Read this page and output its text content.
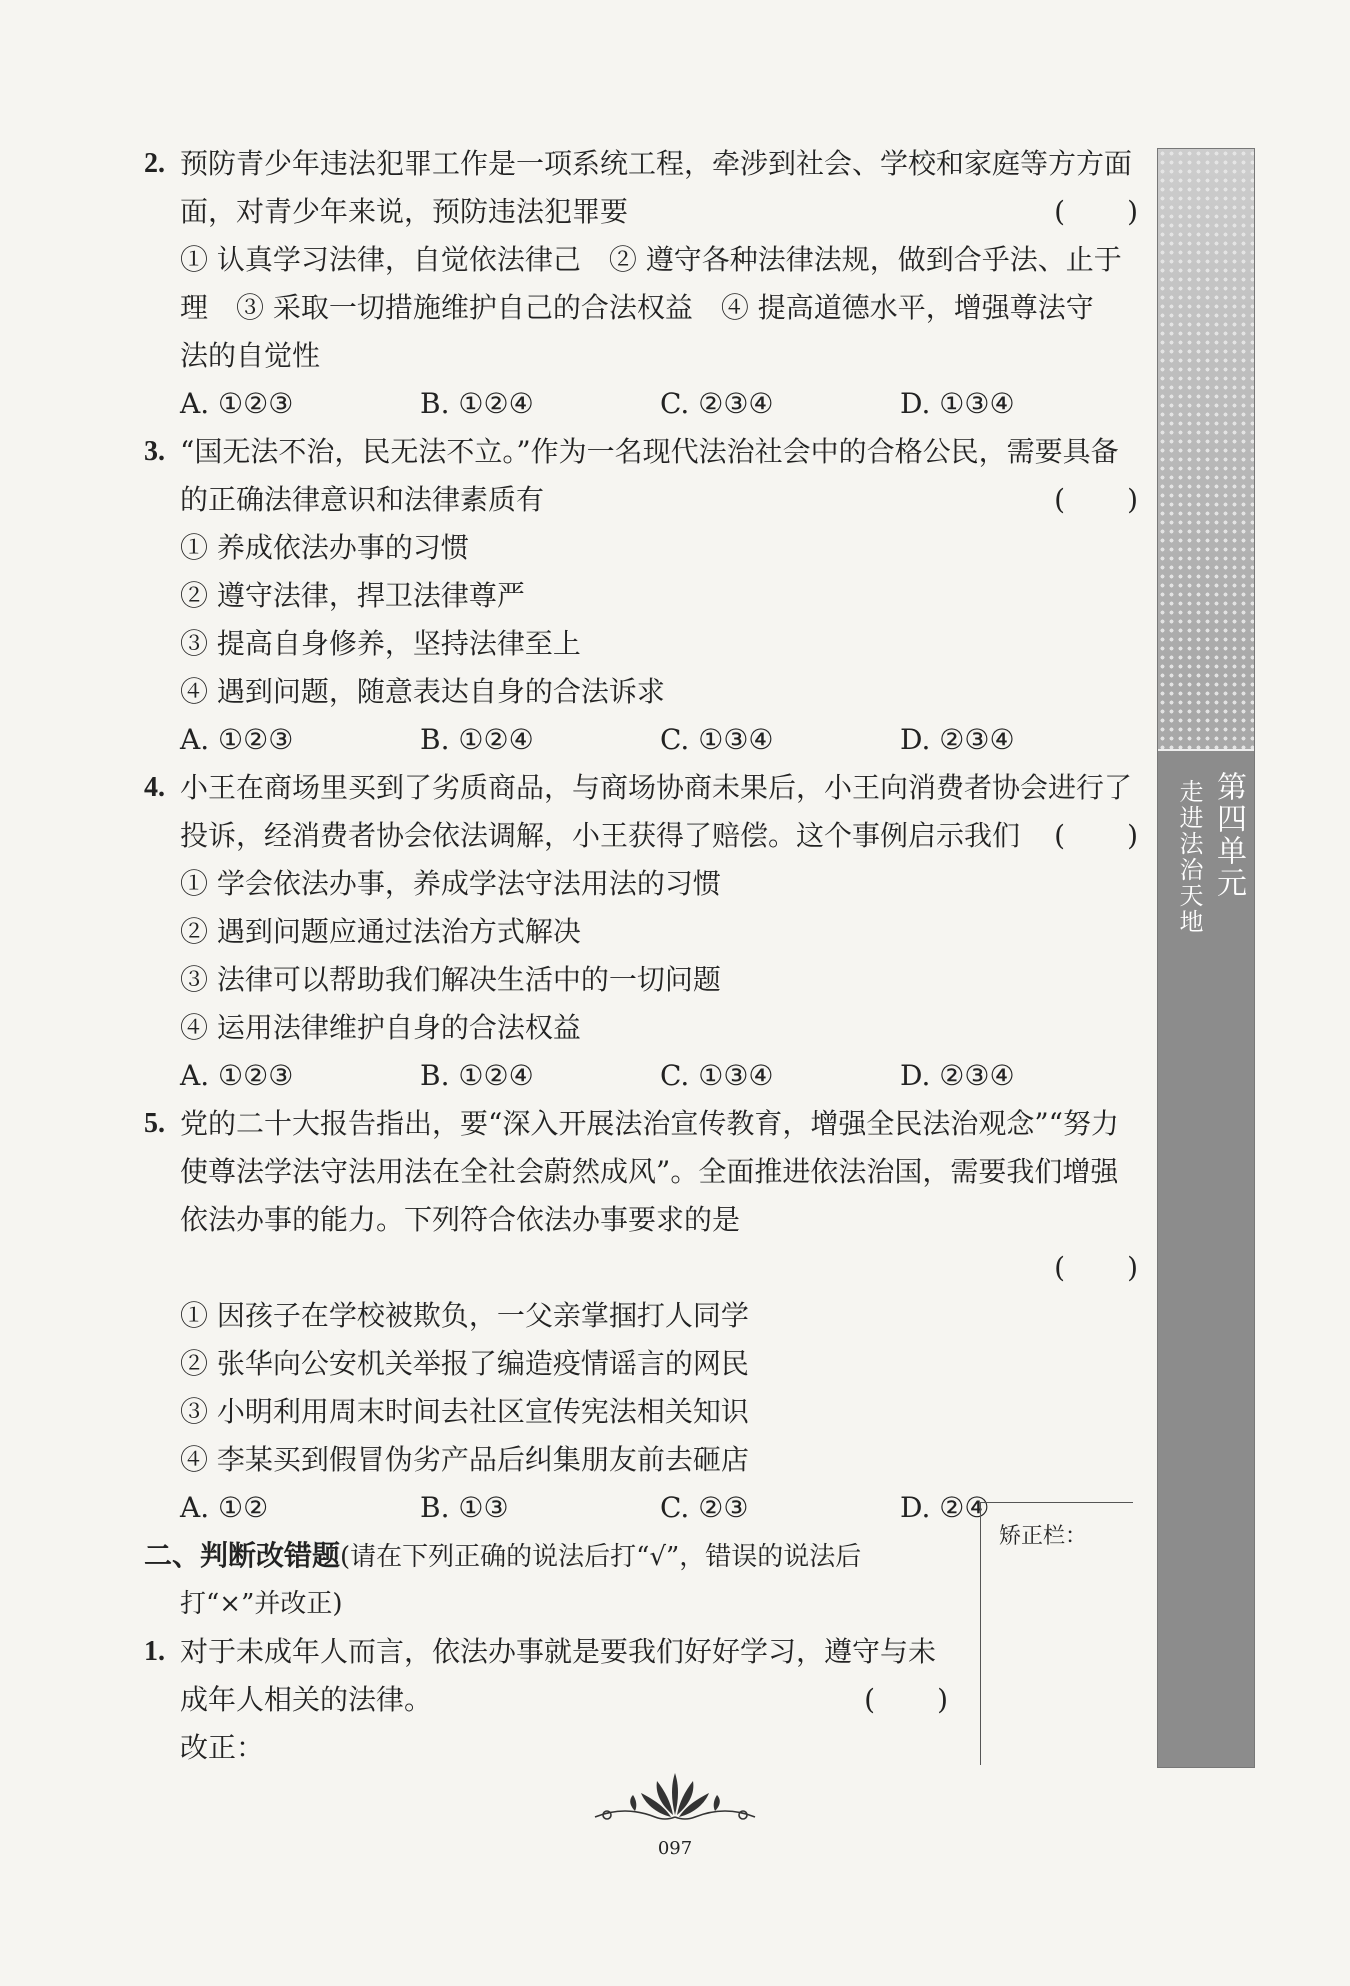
2. 预防青少年违法犯罪工作是一项系统工程，牵涉到社会、学校和家庭等方方面
面，对青少年来说，预防违法犯罪要	(　　)
① 认真学习法律，自觉依法律己　② 遵守各种法律法规，做到合乎法、止于
理　③ 采取一切措施维护自己的合法权益　④ 提高道德水平，增强尊法守
法的自觉性
A. ①②③	B. ①②④	C. ②③④	D. ①③④
3. “国无法不治，民无法不立。”作为一名现代法治社会中的合格公民，需要具备
的正确法律意识和法律素质有	(　　)
① 养成依法办事的习惯
② 遵守法律，捍卫法律尊严
③ 提高自身修养，坚持法律至上
④ 遇到问题，随意表达自身的合法诉求
A. ①②③	B. ①②④	C. ①③④	D. ②③④
4. 小王在商场里买到了劣质商品，与商场协商未果后，小王向消费者协会进行了
投诉，经消费者协会依法调解，小王获得了赔偿。这个事例启示我们 (　　)
① 学会依法办事，养成学法守法用法的习惯
② 遇到问题应通过法治方式解决
③ 法律可以帮助我们解决生活中的一切问题
④ 运用法律维护自身的合法权益
A. ①②③	B. ①②④	C. ①③④	D. ②③④
5. 党的二十大报告指出，要“深入开展法治宣传教育，增强全民法治观念”“努力
使尊法学法守法用法在全社会蔚然成风”。全面推进依法治国，需要我们增强
依法办事的能力。下列符合依法办事要求的是
(　　)
① 因孩子在学校被欺负，一父亲掌掴打人同学
② 张华向公安机关举报了编造疫情谣言的网民
③ 小明利用周末时间去社区宣传宪法相关知识
④ 李某买到假冒伪劣产品后纠集朋友前去砸店
A. ①②	B. ①③	C. ②③	D. ②④
二、判断改错题(请在下列正确的说法后打“√”，错误的说法后
打“×”并改正)
1. 对于未成年人而言，依法办事就是要我们好好学习，遵守与未
成年人相关的法律。	(　　)
改正：
矫正栏：
第四单元
走进法治天地
097
